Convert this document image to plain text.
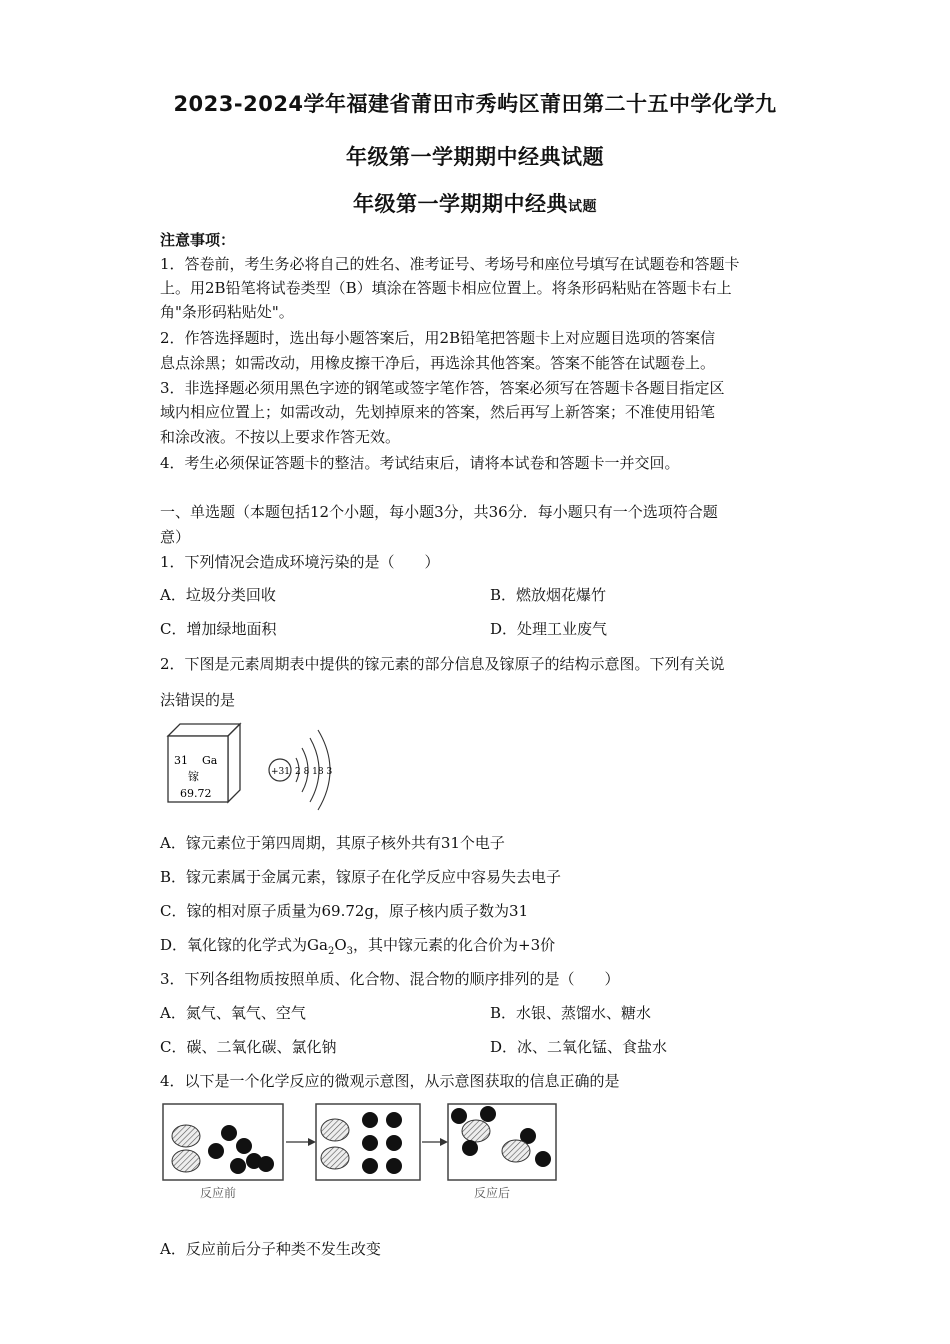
2023-2024学年福建省莆田市秀屿区莆田第二十五中学化学九
年级第一学期期中经典试题
年级第一学期期中经典试题
注意事项：
1．答卷前，考生务必将自己的姓名、准考证号、考场号和座位号填写在试题卷和答题卡
上。用2B铅笔将试卷类型（B）填涂在答题卡相应位置上。将条形码粘贴在答题卡右上
角"条形码粘贴处"。
2．作答选择题时，选出每小题答案后，用2B铅笔把答题卡上对应题目选项的答案信
息点涂黑；如需改动，用橡皮擦干净后，再选涂其他答案。答案不能答在试题卷上。
3．非选择题必须用黑色字迹的钢笔或签字笔作答，答案必须写在答题卡各题目指定区
域内相应位置上；如需改动，先划掉原来的答案，然后再写上新答案；不准使用铅笔
和涂改液。不按以上要求作答无效。
4．考生必须保证答题卡的整洁。考试结束后，请将本试卷和答题卡一并交回。
一、单选题（本题包括12个小题，每小题3分，共36分．每小题只有一个选项符合题
意）
1．下列情况会造成环境污染的是（　　）
A．垃圾分类回收	B．燃放烟花爆竹
C．增加绿地面积	D．处理工业废气
2．下图是元素周期表中提供的镓元素的部分信息及镓原子的结构示意图。下列有关说
法错误的是
31 Ga
镓
69.72
+31 2 8 18 3
A．镓元素位于第四周期，其原子核外共有31个电子
B．镓元素属于金属元素，镓原子在化学反应中容易失去电子
C．镓的相对原子质量为69.72g，原子核内质子数为31
D．氧化镓的化学式为$Ga_2O_3$，其中镓元素的化合价为+3价
3．下列各组物质按照单质、化合物、混合物的顺序排列的是（　　）
A．氮气、氧气、空气	B．水银、蒸馏水、糖水
C．碳、二氧化碳、氯化钠	D．冰、二氧化锰、食盐水
4．以下是一个化学反应的微观示意图，从示意图获取的信息正确的是
反应前	反应后
A．反应前后分子种类不发生改变
